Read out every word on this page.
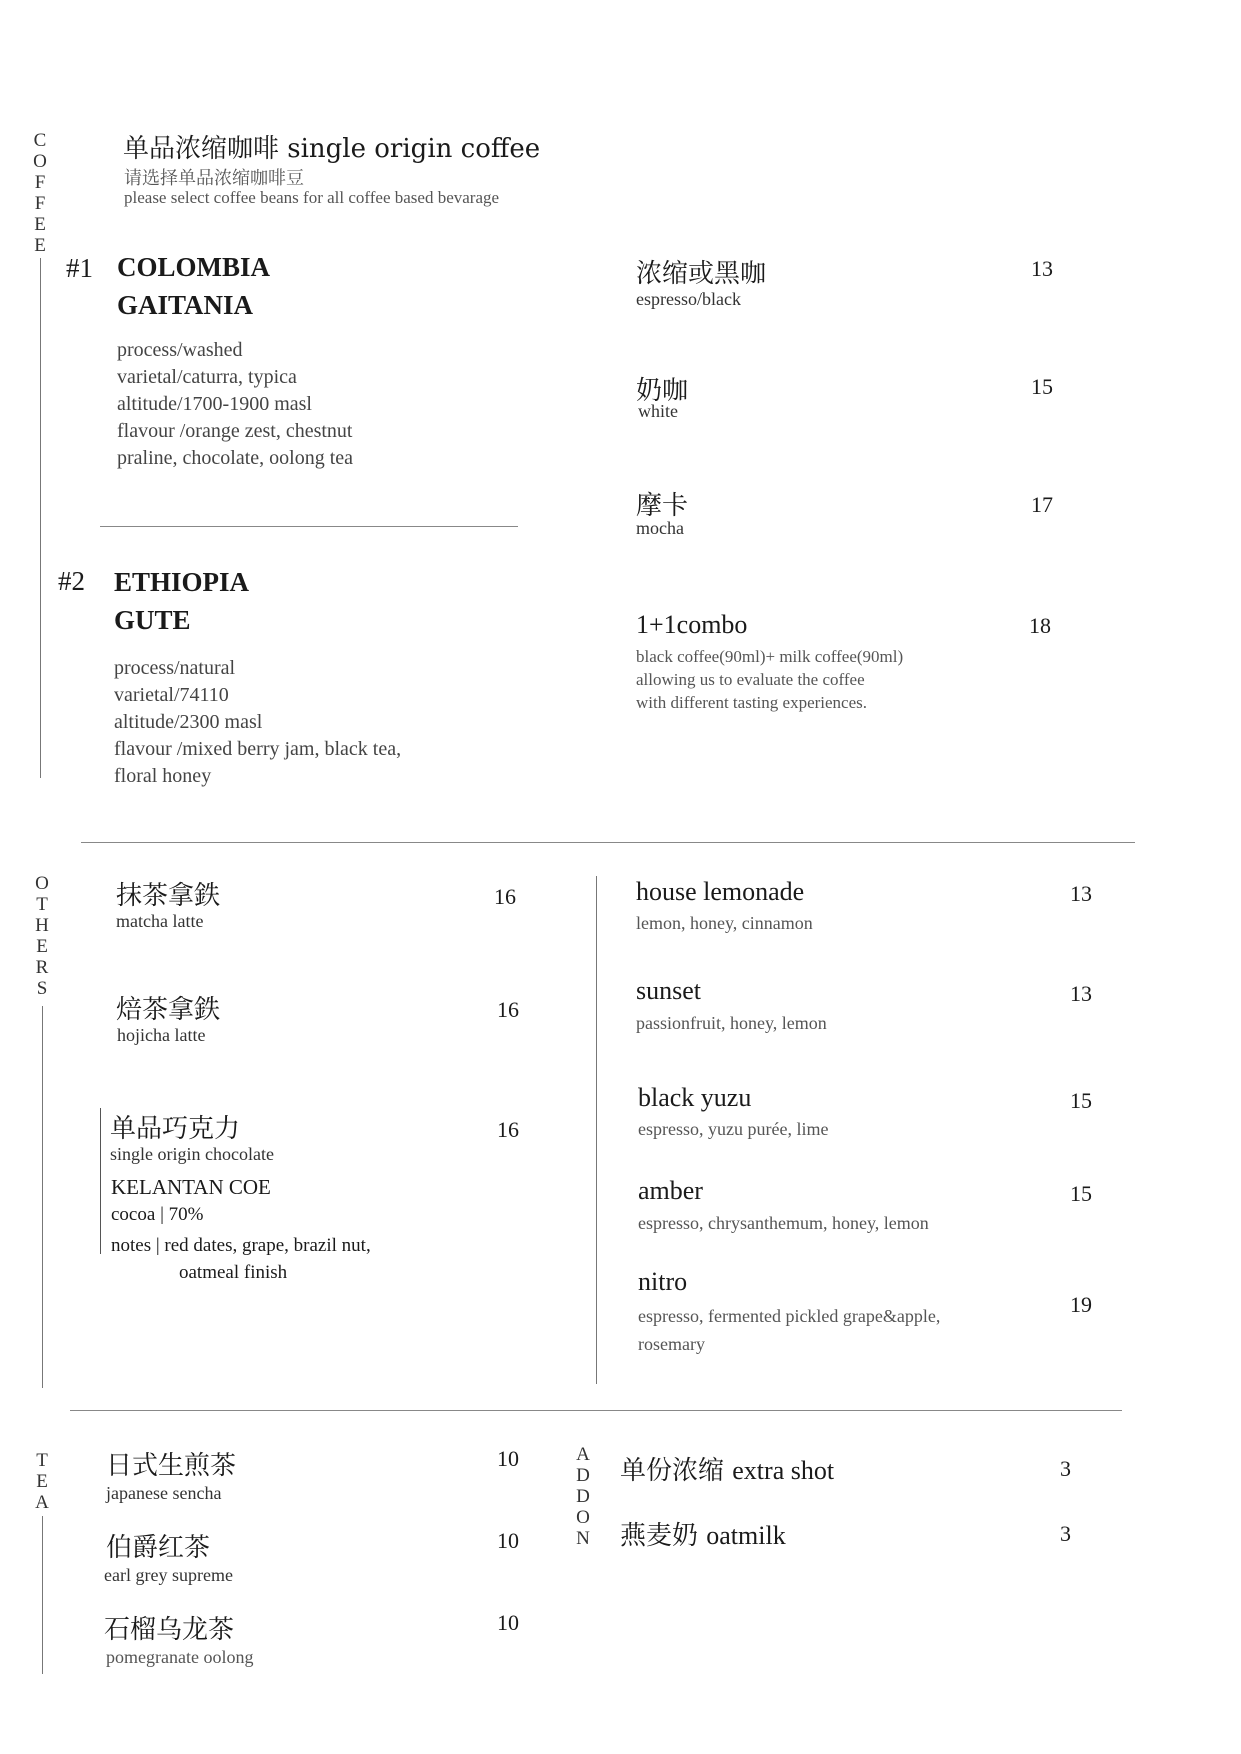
C
O
F
F
E
E
单品浓缩咖啡 single origin coffee
请选择单品浓缩咖啡豆
please select coffee beans for all coffee based bevarage
#1 COLOMBIA
GAITANIA
process/washed
varietal/caturra, typica
altitude/1700-1900 masl
flavour /orange zest, chestnut
praline, chocolate, oolong tea
#2 ETHIOPIA
GUTE
process/natural
varietal/74110
altitude/2300 masl
flavour /mixed berry jam, black tea,
floral honey
浓缩或黑咖
espresso/black
13
奶咖
white
15
摩卡
mocha
17
1+1combo	18
black coffee(90ml)+ milk coffee(90ml)
allowing us to evaluate the coffee
with different tasting experiences.
O
T
H
E
R
S
抹茶拿鉄
matcha latte
16
焙茶拿鉄
hojicha latte
16
单品巧克力
single origin chocolate
16
KELANTAN COE
cocoa | 70%
notes | red dates, grape, brazil nut,
oatmeal finish
house lemonade
lemon, honey, cinnamon
13
sunset
passionfruit, honey, lemon
13
black yuzu
espresso, yuzu purée, lime
15
amber
espresso, chrysanthemum, honey, lemon
15
nitro
espresso, fermented pickled grape&apple,
rosemary
19
T
E
A
日式生煎茶
japanese sencha
10
伯爵红茶
earl grey supreme
10
石榴乌龙茶
pomegranate oolong
10
A
D
D
O
N
单份浓缩 extra shot	3
燕麦奶 oatmilk	3
